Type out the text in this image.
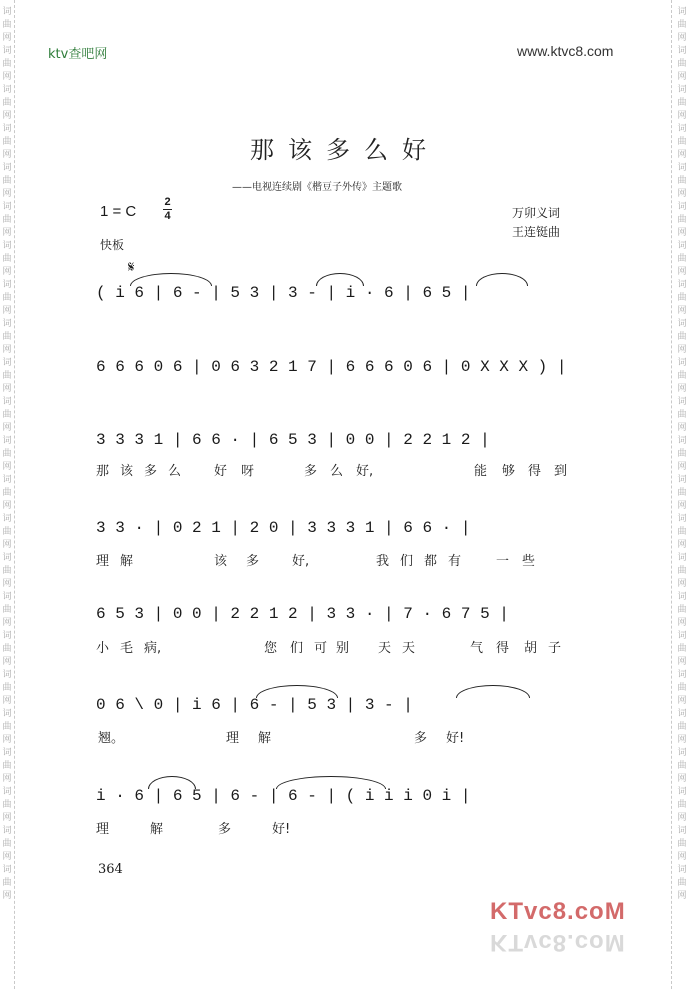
词
曲
网
词
曲
网
词
曲
网
词
曲
网
词
曲
网
词
曲
网
词
曲
网
词
曲
网
词
曲
网
词
曲
网
词
曲
网
词
曲
网
词
曲
网
词
曲
网
词
曲
网
词
曲
网
词
曲
网
词
曲
网
词
曲
网
词
曲
网
词
曲
网
词
曲
网
词
曲
网
词
曲
网
词
曲
网
词
曲
网
词
曲
网
词
曲
网
词
曲
网
词
曲
网
词
曲
网
词
曲
网
词
曲
网
词
曲
网
词
曲
网
词
曲
网
词
曲
网
词
曲
网
词
曲
网
词
曲
网
词
曲
网
词
曲
网
词
曲
网
词
曲
网
词
曲
网
词
曲
网
ktv查吧网	www.ktvc8.com
那该多么好
——电视连续剧《楷豆子外传》主题歌
1 = C
2
4	万卯义词
王连铤曲
快板
𝄋
( i 6 | 6 - | 5 3 | 3 - | i · 6 | 6 5 |
6 6 6 0 6 | 0 6 3 2 1 7 | 6 6 6 0 6 | 0 X X X ) |
3 3 3 1 | 6 6 · | 6 5 3 | 0 0 | 2 2 1 2 |
那 该 多 么	好 呀	多 么 好,	能 够 得 到
3 3 · | 0 2 1 | 2 0 | 3 3 3 1 | 6 6 · |
理 解	该 多	好,	我 们 都 有	一 些
6 5 3 | 0 0 | 2 2 1 2 | 3 3 · | 7 · 6 7 5 |
小 毛 病,	您 们 可 别 天 天	气 得 胡 子
0 6 \ 0 | i 6 | 6 - | 5 3 | 3 - |
翘。	理 解	多 好!
i · 6 | 6 5 | 6 - | 6 - | ( i i i 0 i |
理	解	多	好!
364
KTvc8.coM
KTvc8.coM
